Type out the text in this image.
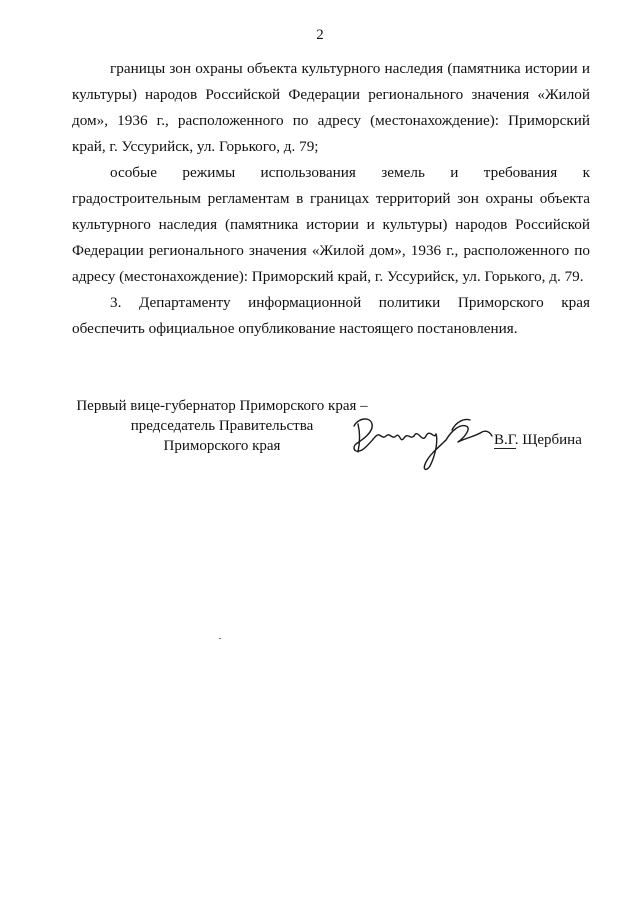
2

границы зон охраны объекта культурного наследия (памятника истории и культуры) народов Российской Федерации регионального значения «Жилой дом», 1936 г., расположенного по адресу (местонахождение): Приморский край, г. Уссурийск, ул. Горького, д. 79;

особые режимы использования земель и требования к градостроительным регламентам в границах территорий зон охраны объекта культурного наследия (памятника истории и культуры) народов Российской Федерации регионального значения «Жилой дом», 1936 г., расположенного по адресу (местонахождение): Приморский край, г. Уссурийск, ул. Горького, д. 79.

3. Департаменту информационной политики Приморского края обеспечить официальное опубликование настоящего постановления.

Первый вице-губернатор Приморского края –
председатель Правительства
Приморского края	В.Г. Щербина
